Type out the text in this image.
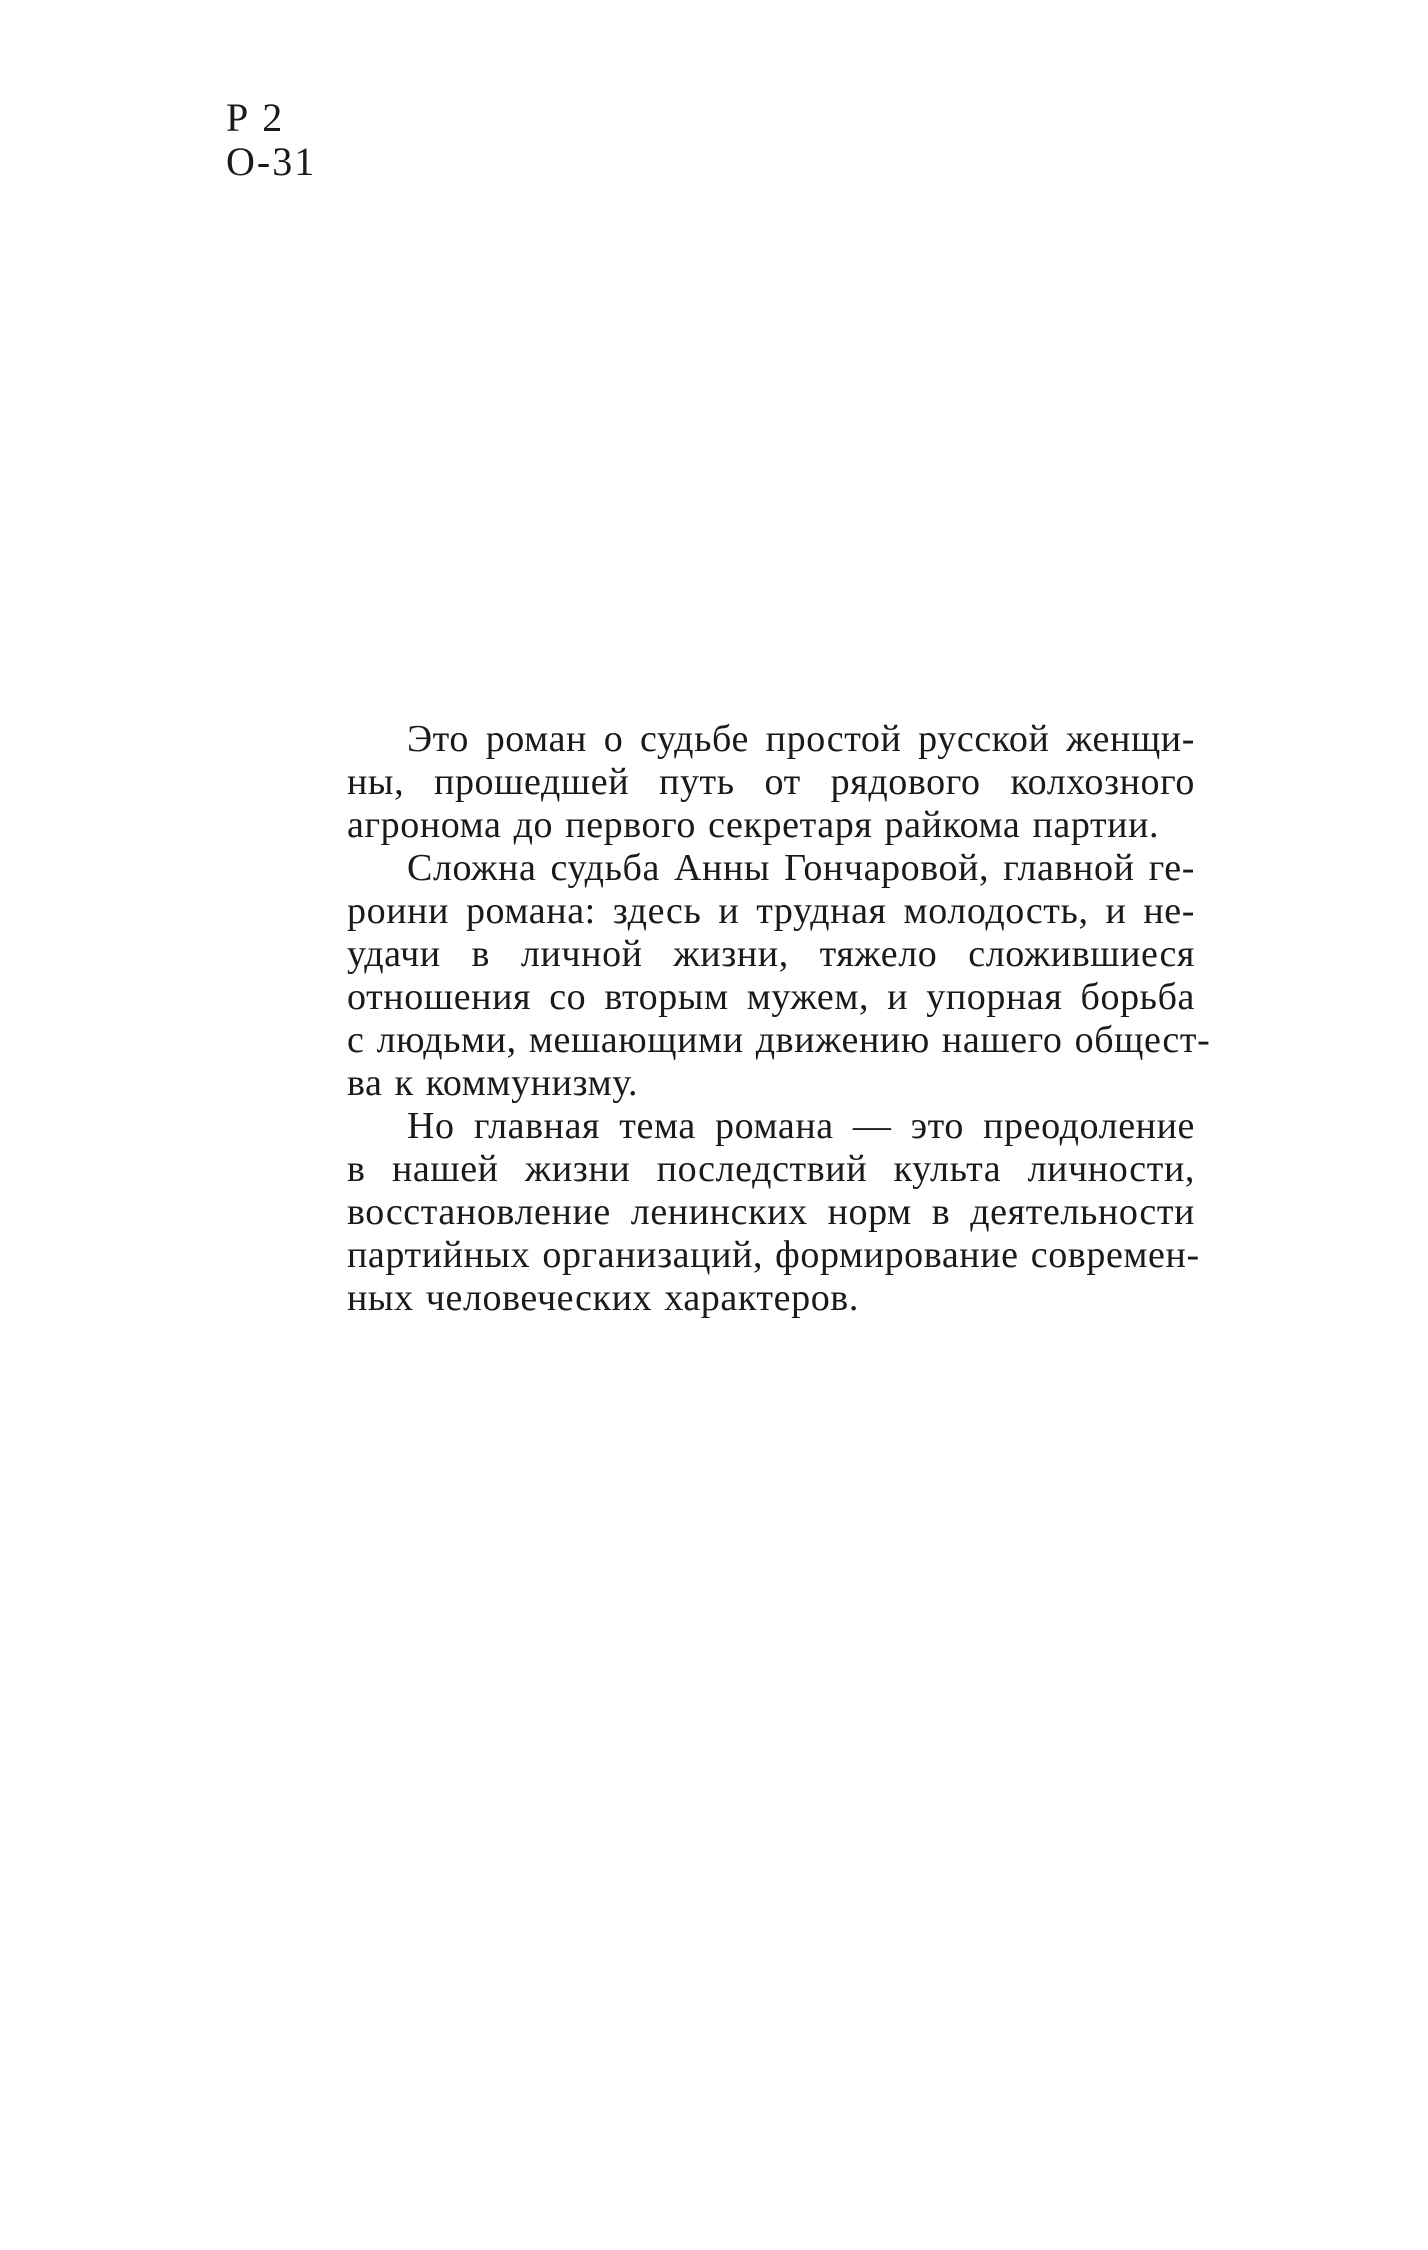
Р 2
О-31
Это роман о судьбе простой русской женщи-
ны, прошедшей путь от рядового колхозного
агронома до первого секретаря райкома партии.
Сложна судьба Анны Гончаровой, главной ге-
роини романа: здесь и трудная молодость, и не-
удачи в личной жизни, тяжело сложившиеся
отношения со вторым мужем, и упорная борьба
с людьми, мешающими движению нашего общест-
ва к коммунизму.
Но главная тема романа — это преодоление
в нашей жизни последствий культа личности,
восстановление ленинских норм в деятельности
партийных организаций, формирование современ-
ных человеческих характеров.
